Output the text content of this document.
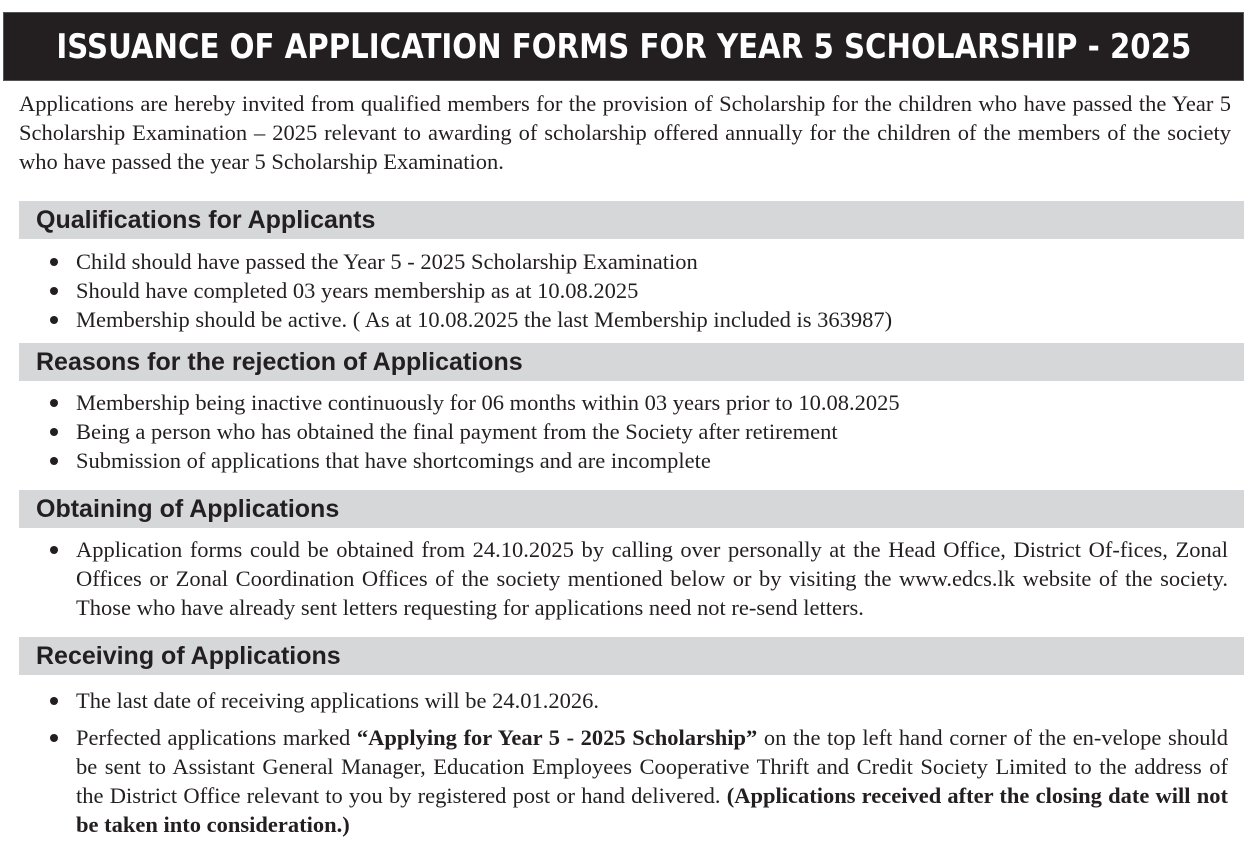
ISSUANCE OF APPLICATION FORMS FOR YEAR 5 SCHOLARSHIP - 2025

Applications are hereby invited from qualified members for the provision of Scholarship for the children who have passed the Year 5 Scholarship Examination – 2025 relevant to awarding of scholarship offered annually for the children of the members of the society who have passed the year 5 Scholarship Examination.

Qualifications for Applicants
Child should have passed the Year 5 - 2025 Scholarship Examination
Should have completed 03 years membership as at 10.08.2025
Membership should be active. ( As at 10.08.2025 the last Membership included is 363987)
Reasons for the rejection of Applications
Membership being inactive continuously for 06 months within 03 years prior to 10.08.2025
Being a person who has obtained the final payment from the Society after retirement
Submission of applications that have shortcomings and are incomplete
Obtaining of Applications
Application forms could be obtained from 24.10.2025 by calling over personally at the Head Office, District Of-fices, Zonal Offices or Zonal Coordination Offices of the society mentioned below or by visiting the www.edcs.lk website of the society. Those who have already sent letters requesting for applications need not re-send letters.
Receiving of Applications
The last date of receiving applications will be 24.01.2026.
Perfected applications marked “Applying for Year 5 - 2025 Scholarship” on the top left hand corner of the en-velope should be sent to Assistant General Manager, Education Employees Cooperative Thrift and Credit Society Limited to the address of the District Office relevant to you by registered post or hand delivered. (Applications received after the closing date will not be taken into consideration.)
